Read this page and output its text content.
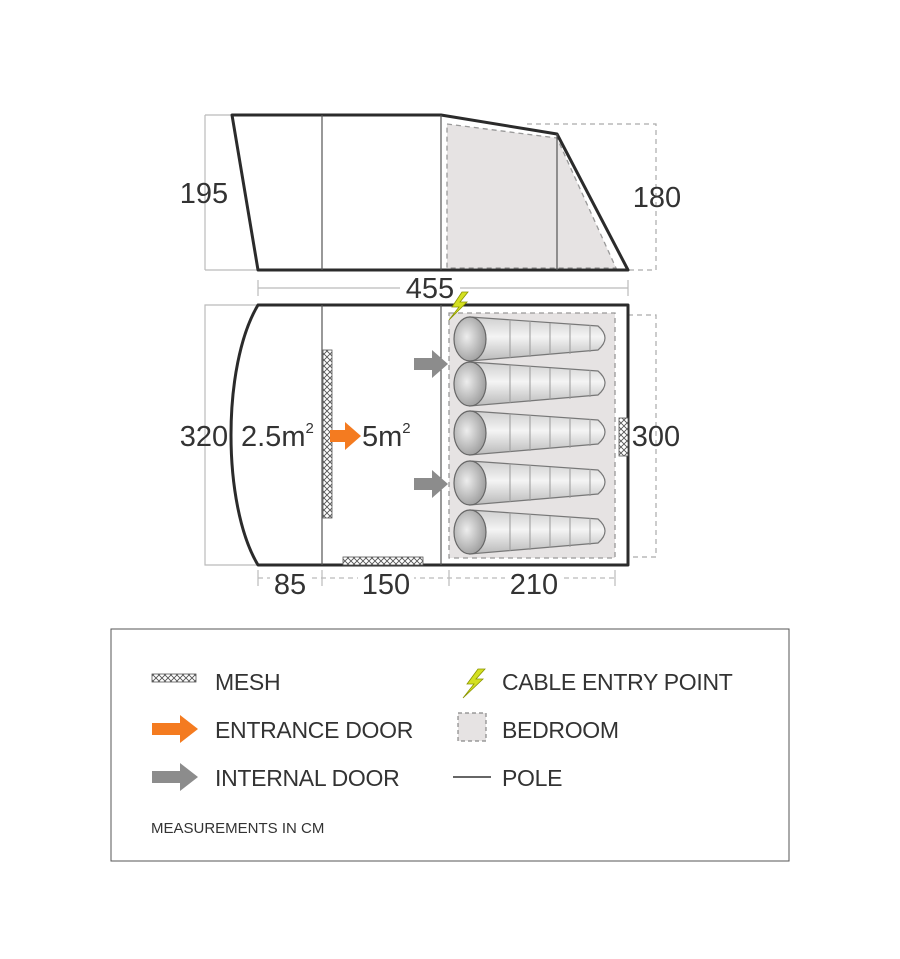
195	180
455
320	300
$2.5m^2$ $5m^2$
85 150	210
MESH
ENTRANCE DOOR
INTERNAL DOOR
CABLE ENTRY POINT
BEDROOM
POLE
MEASUREMENTS IN CM
